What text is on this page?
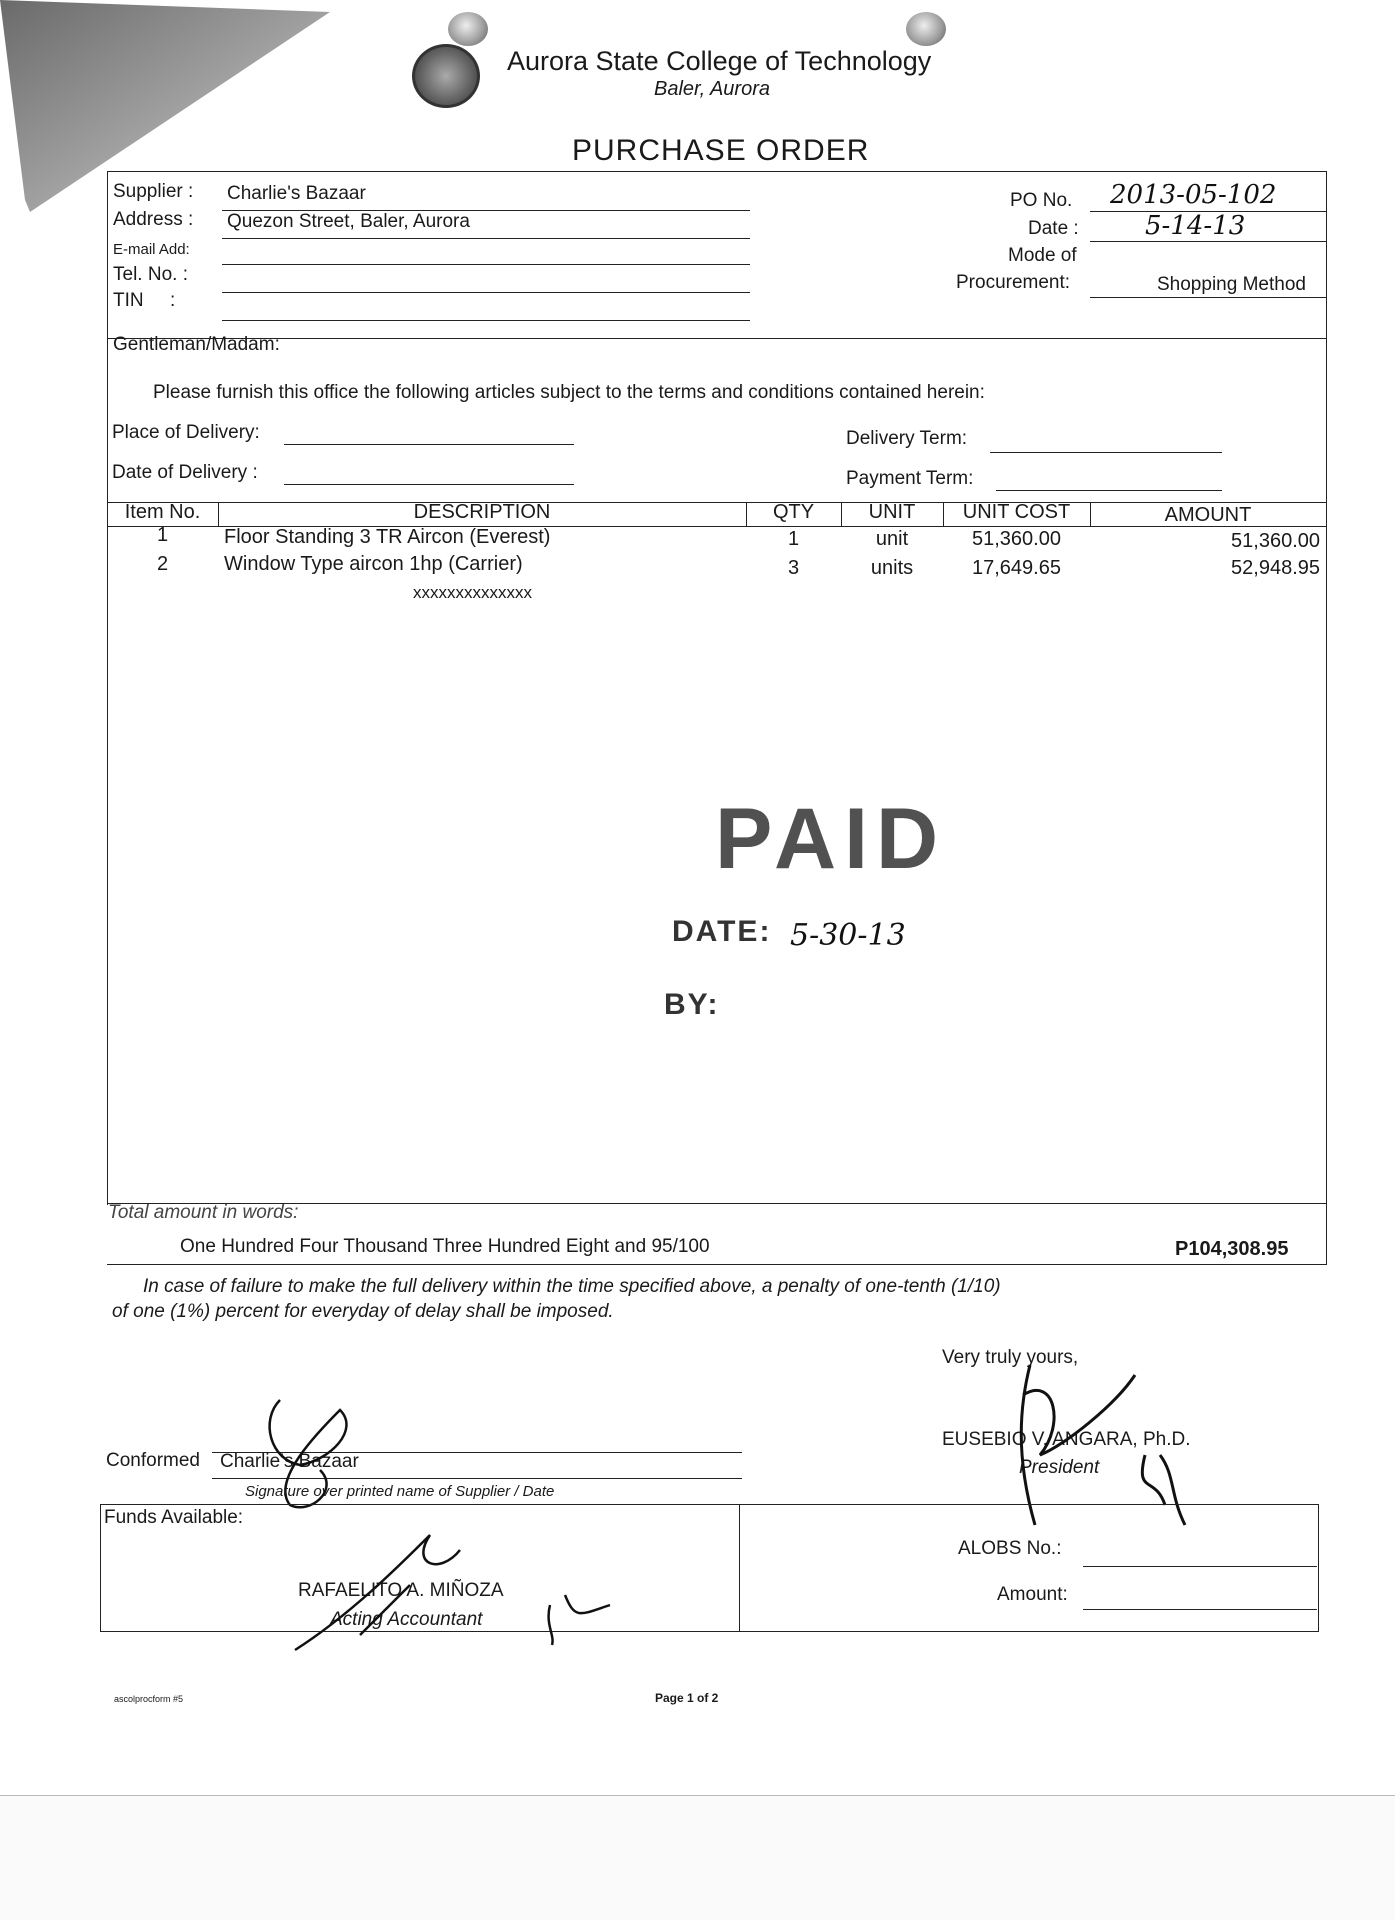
Aurora State College of Technology
Baler, Aurora
PURCHASE ORDER
Supplier : Charlie's Bazaar
Address : Quezon Street, Baler, Aurora
E-mail Add:
Tel. No. :
TIN     :
PO No. 2013-05-102
Date :	5-14-13
Mode of
Procurement:	Shopping Method
Gentleman/Madam:
Please furnish this office the following articles subject to the terms and conditions contained herein:
Place of Delivery:
Date of Delivery :
Delivery Term:
Payment Term:
Item No.	DESCRIPTION	QTY	UNIT	UNIT COST	AMOUNT
1	Floor Standing 3 TR Aircon (Everest)	1	unit	51,360.00	51,360.00
2	Window Type aircon 1hp (Carrier)	3	units	17,649.65	52,948.95
xxxxxxxxxxxxxx
PAID
DATE: 5-30-13
BY:
Total amount in words:
One Hundred Four Thousand Three Hundred Eight and 95/100	P104,308.95
In case of failure to make the full delivery within the time specified above, a penalty of one-tenth (1/10)
of one (1%) percent for everyday of delay shall be imposed.
Very truly yours,
EUSEBIO V. ANGARA, Ph.D.
President
Conformed Charlie's Bazaar
Signature over printed name of Supplier / Date
Funds Available:
RAFAELITO A. MIÑOZA
Acting Accountant
ALOBS No.:
Amount:
ascolprocform #5	Page 1 of 2
